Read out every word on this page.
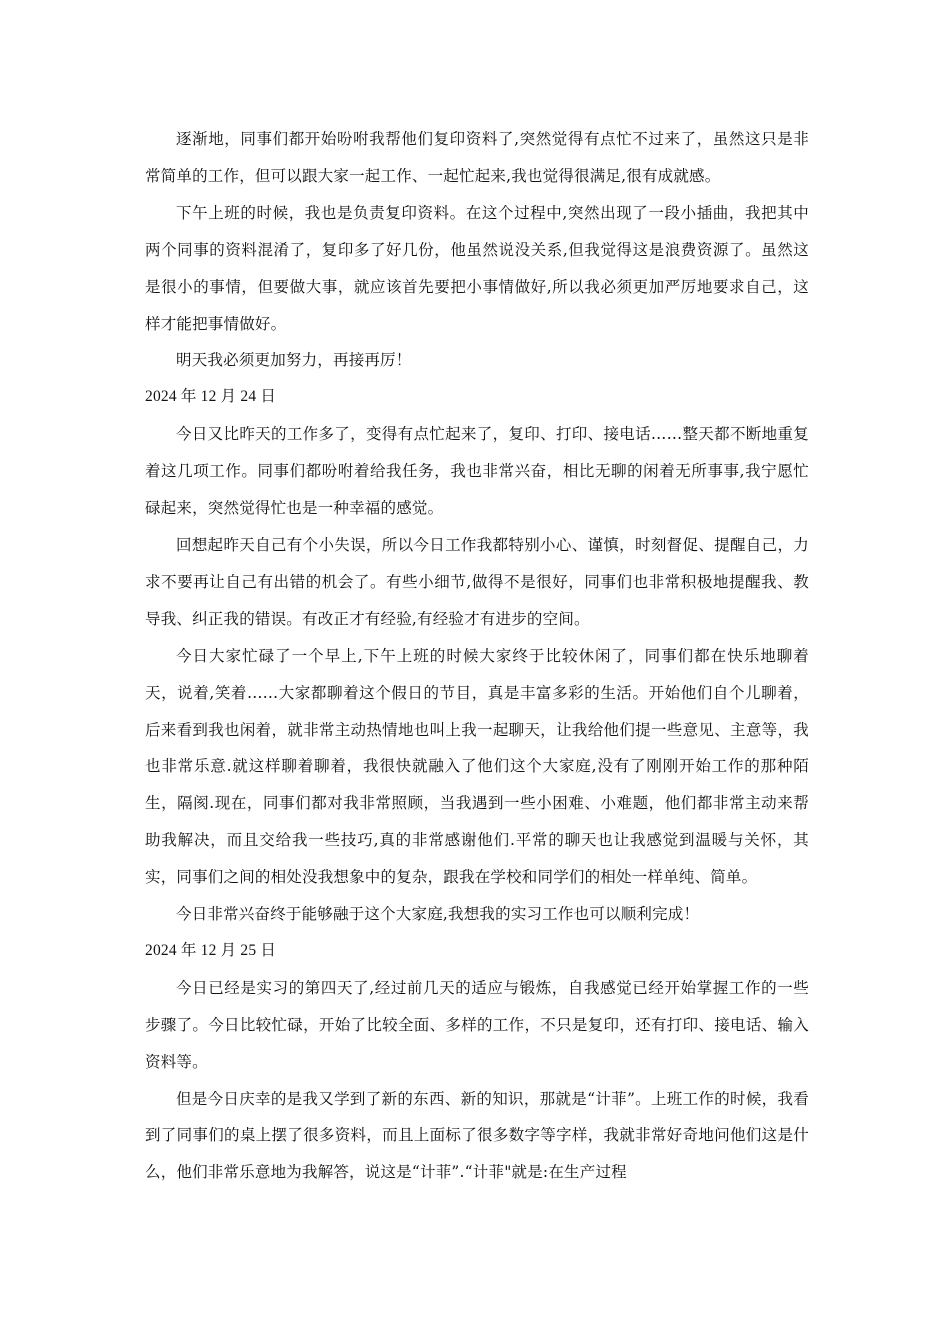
逐渐地，同事们都开始吩咐我帮他们复印资料了,突然觉得有点忙不过来了，虽然这只是非常简单的工作，但可以跟大家一起工作、一起忙起来,我也觉得很满足,很有成就感。

下午上班的时候，我也是负责复印资料。在这个过程中,突然出现了一段小插曲，我把其中两个同事的资料混淆了，复印多了好几份，他虽然说没关系,但我觉得这是浪费资源了。虽然这是很小的事情，但要做大事，就应该首先要把小事情做好,所以我必须更加严厉地要求自己，这样才能把事情做好。

明天我必须更加努力，再接再厉！

2024 年 12 月 24 日

今日又比昨天的工作多了，变得有点忙起来了，复印、打印、接电话……整天都不断地重复着这几项工作。同事们都吩咐着给我任务，我也非常兴奋，相比无聊的闲着无所事事,我宁愿忙碌起来，突然觉得忙也是一种幸福的感觉。

回想起昨天自己有个小失误，所以今日工作我都特别小心、谨慎，时刻督促、提醒自己，力求不要再让自己有出错的机会了。有些小细节,做得不是很好，同事们也非常积极地提醒我、教导我、纠正我的错误。有改正才有经验,有经验才有进步的空间。

今日大家忙碌了一个早上,下午上班的时候大家终于比较休闲了，同事们都在快乐地聊着天，说着,笑着……大家都聊着这个假日的节目，真是丰富多彩的生活。开始他们自个儿聊着，后来看到我也闲着，就非常主动热情地也叫上我一起聊天，让我给他们提一些意见、主意等，我也非常乐意.就这样聊着聊着，我很快就融入了他们这个大家庭,没有了刚刚开始工作的那种陌生，隔阂.现在，同事们都对我非常照顾，当我遇到一些小困难、小难题，他们都非常主动来帮助我解决，而且交给我一些技巧,真的非常感谢他们.平常的聊天也让我感觉到温暖与关怀，其实，同事们之间的相处没我想象中的复杂，跟我在学校和同学们的相处一样单纯、简单。

今日非常兴奋终于能够融于这个大家庭,我想我的实习工作也可以顺利完成！

2024 年 12 月 25 日

今日已经是实习的第四天了,经过前几天的适应与锻炼，自我感觉已经开始掌握工作的一些步骤了。今日比较忙碌，开始了比较全面、多样的工作，不只是复印，还有打印、接电话、输入资料等。

但是今日庆幸的是我又学到了新的东西、新的知识，那就是“计菲”。上班工作的时候，我看到了同事们的桌上摆了很多资料，而且上面标了很多数字等字样，我就非常好奇地问他们这是什么，他们非常乐意地为我解答，说这是“计菲”.“计菲"就是:在生产过程
